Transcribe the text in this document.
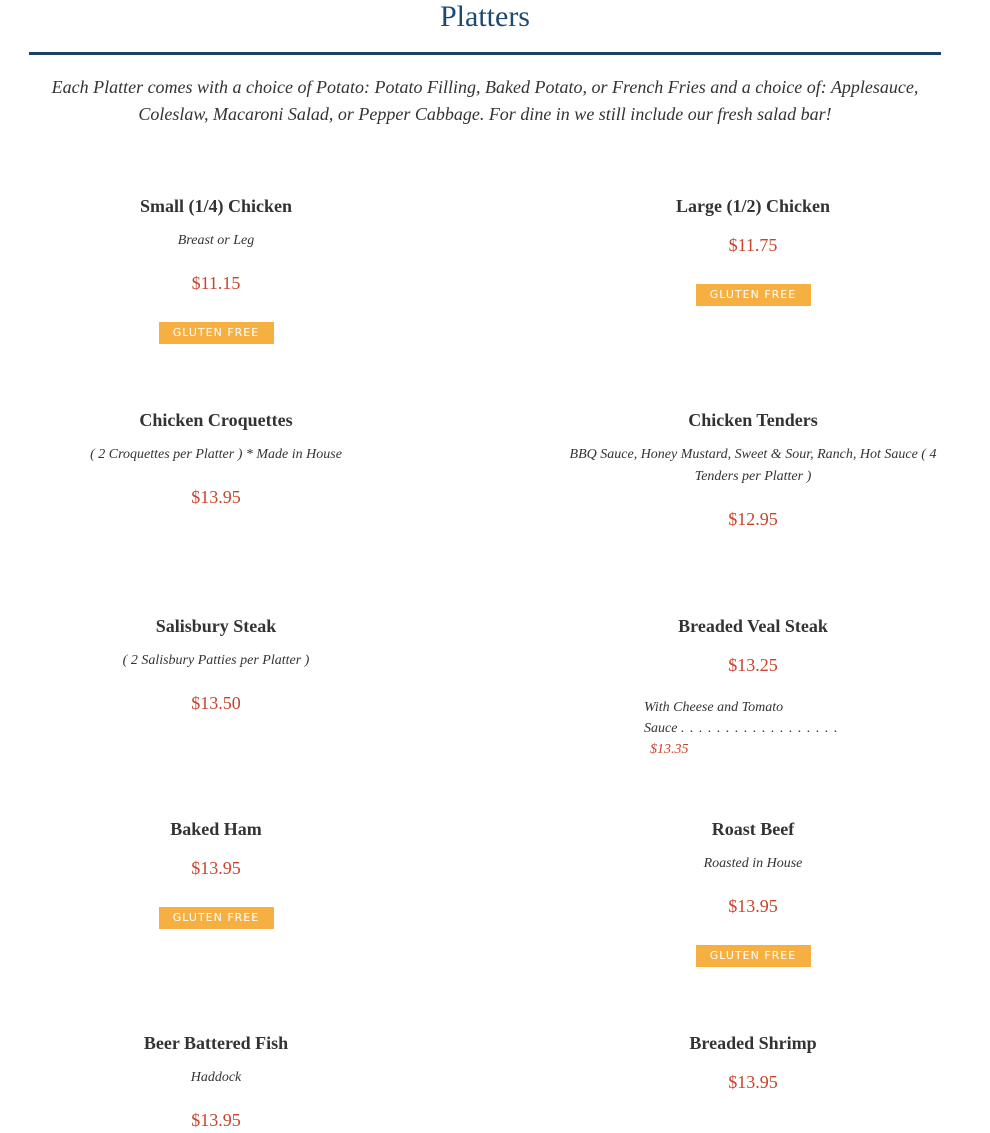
Platters

Each Platter comes with a choice of Potato: Potato Filling, Baked Potato, or French Fries and a choice of: Applesauce, Coleslaw, Macaroni Salad, or Pepper Cabbage. For dine in we still include our fresh salad bar!

Small (1/4) Chicken

Breast or Leg

$11.15

GLUTEN FREE

Large (1/2) Chicken

$11.75

GLUTEN FREE

Chicken Croquettes

( 2 Croquettes per Platter ) * Made in House

$13.95

Chicken Tenders

BBQ Sauce, Honey Mustard, Sweet & Sour, Ranch, Hot Sauce ( 4 Tenders per Platter )

$12.95

Salisbury Steak

( 2 Salisbury Patties per Platter )

$13.50

Breaded Veal Steak

$13.25

With Cheese and Tomato
Sauce . . . . . . . . . . . . . . . . . . $13.35

Baked Ham

$13.95

GLUTEN FREE

Roast Beef

Roasted in House

$13.95

GLUTEN FREE

Beer Battered Fish

Haddock

$13.95

Breaded Shrimp

$13.95
